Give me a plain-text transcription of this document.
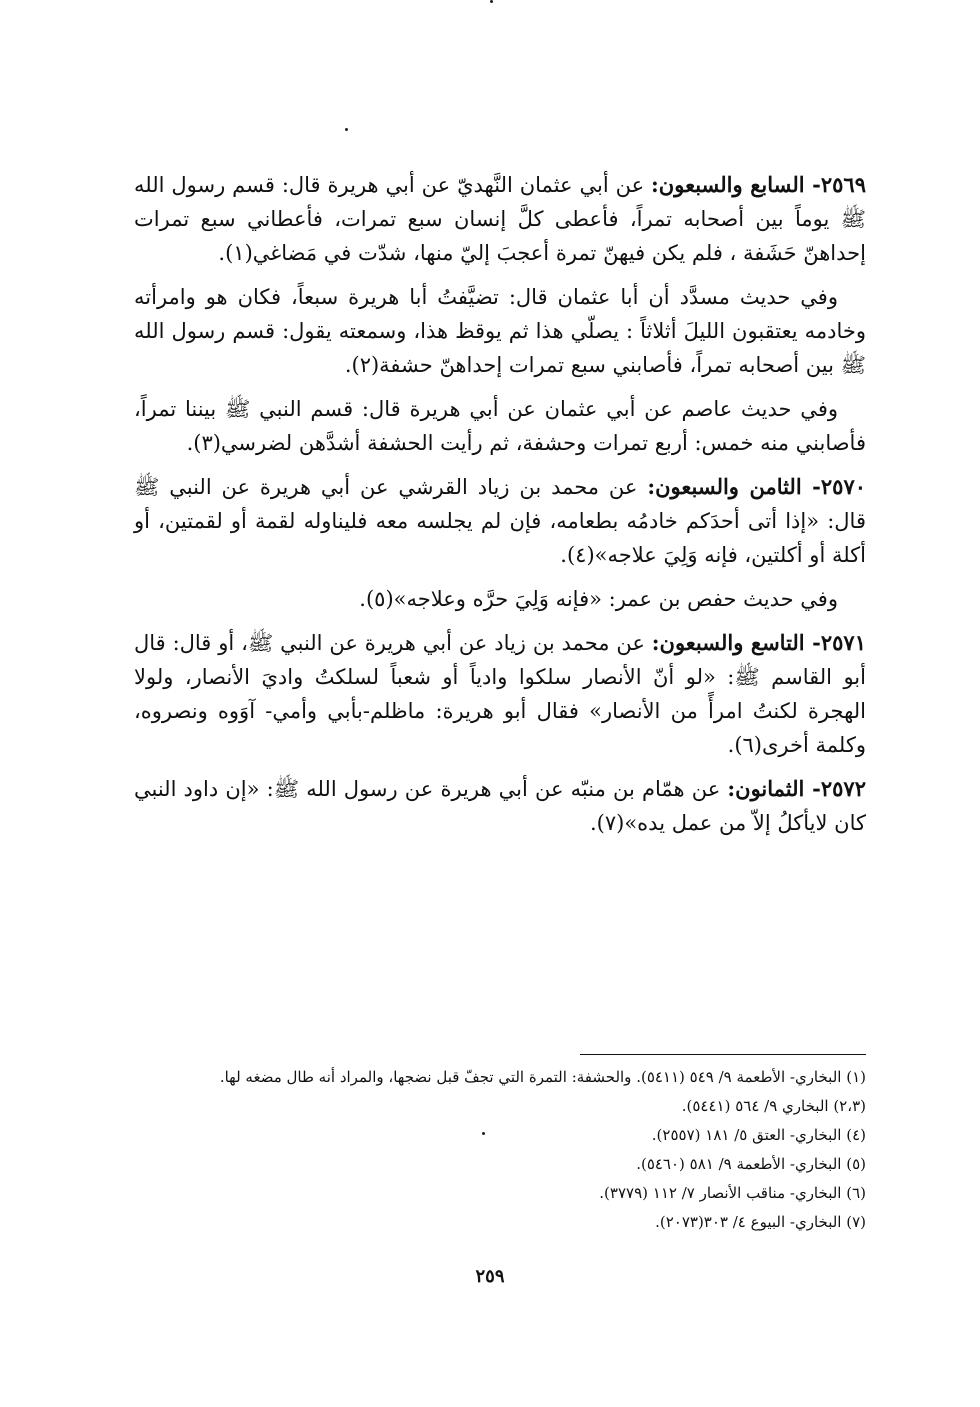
٢٥٦٩- السابع والسبعون: عن أبي عثمان النَّهديّ عن أبي هريرة قال: قسم رسول الله ﷺ يوماً بين أصحابه تمراً، فأعطى كلَّ إنسان سبع تمرات، فأعطاني سبع تمرات إحداهنّ حَشَفة ، فلم يكن فيهنّ تمرة أعجبَ إليّ منها، شدّت في مَضاغي(١).

وفي حديث مسدَّد أن أبا عثمان قال: تضيَّفتُ أبا هريرة سبعاً، فكان هو وامرأته وخادمه يعتقبون الليلَ أثلاثاً : يصلّي هذا ثم يوقظ هذا، وسمعته يقول: قسم رسول الله ﷺ بين أصحابه تمراً، فأصابني سبع تمرات إحداهنّ حشفة(٢).

وفي حديث عاصم عن أبي عثمان عن أبي هريرة قال: قسم النبي ﷺ بيننا تمراً، فأصابني منه خمس: أربع تمرات وحشفة، ثم رأيت الحشفة أشدَّهن لضرسي(٣).

٢٥٧٠- الثامن والسبعون: عن محمد بن زياد القرشي عن أبي هريرة عن النبي ﷺ قال: «إذا أتى أحدَكم خادمُه بطعامه، فإن لم يجلسه معه فليناوله لقمة أو لقمتين، أو أكلة أو أكلتين، فإنه وَلِيَ علاجه»(٤).

وفي حديث حفص بن عمر: «فإنه وَلِيَ حرَّه وعلاجه»(٥).

٢٥٧١- التاسع والسبعون: عن محمد بن زياد عن أبي هريرة عن النبي ﷺ، أو قال: قال أبو القاسم ﷺ: «لو أنّ الأنصار سلكوا وادياً أو شعباً لسلكتُ واديَ الأنصار، ولولا الهجرة لكنتُ امرأً من الأنصار» فقال أبو هريرة: ماظلم-بأبي وأمي- آوَوه ونصروه، وكلمة أخرى(٦).

٢٥٧٢- الثمانون: عن همّام بن منبّه عن أبي هريرة عن رسول الله ﷺ: «إن داود النبي كان لايأكلُ إلاّ من عمل يده»(٧).

(١) البخاري- الأطعمة ٩/ ٥٤٩ (٥٤١١). والحشفة: التمرة التي تجفّ قبل نضجها، والمراد أنه طال مضغه لها.
(٢،٣) البخاري ٩/ ٥٦٤ (٥٤٤١).
(٤) البخاري- العتق ٥/ ١٨١ (٢٥٥٧).
(٥) البخاري- الأطعمة ٩/ ٥٨١ (٥٤٦٠).
(٦) البخاري- مناقب الأنصار ٧/ ١١٢ (٣٧٧٩).
(٧) البخاري- البيوع ٤/ ٣٠٣(٢٠٧٣).
٢٥٩
